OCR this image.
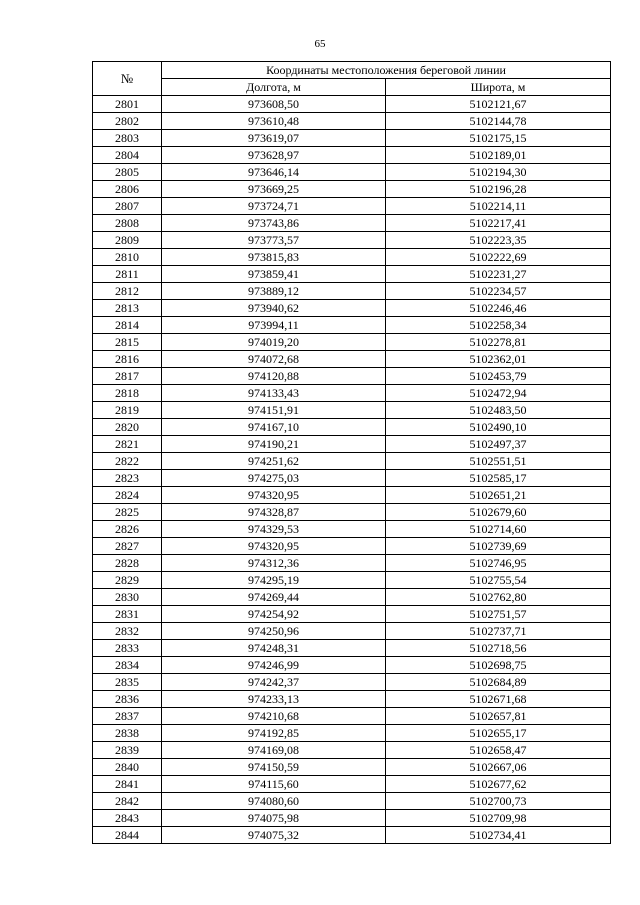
65
№	Координаты местоположения береговой линии	
	Долгота, м	Широта, м
2801	973608,50	5102121,67
2802	973610,48	5102144,78
2803	973619,07	5102175,15
2804	973628,97	5102189,01
2805	973646,14	5102194,30
2806	973669,25	5102196,28
2807	973724,71	5102214,11
2808	973743,86	5102217,41
2809	973773,57	5102223,35
2810	973815,83	5102222,69
2811	973859,41	5102231,27
2812	973889,12	5102234,57
2813	973940,62	5102246,46
2814	973994,11	5102258,34
2815	974019,20	5102278,81
2816	974072,68	5102362,01
2817	974120,88	5102453,79
2818	974133,43	5102472,94
2819	974151,91	5102483,50
2820	974167,10	5102490,10
2821	974190,21	5102497,37
2822	974251,62	5102551,51
2823	974275,03	5102585,17
2824	974320,95	5102651,21
2825	974328,87	5102679,60
2826	974329,53	5102714,60
2827	974320,95	5102739,69
2828	974312,36	5102746,95
2829	974295,19	5102755,54
2830	974269,44	5102762,80
2831	974254,92	5102751,57
2832	974250,96	5102737,71
2833	974248,31	5102718,56
2834	974246,99	5102698,75
2835	974242,37	5102684,89
2836	974233,13	5102671,68
2837	974210,68	5102657,81
2838	974192,85	5102655,17
2839	974169,08	5102658,47
2840	974150,59	5102667,06
2841	974115,60	5102677,62
2842	974080,60	5102700,73
2843	974075,98	5102709,98
2844	974075,32	5102734,41
